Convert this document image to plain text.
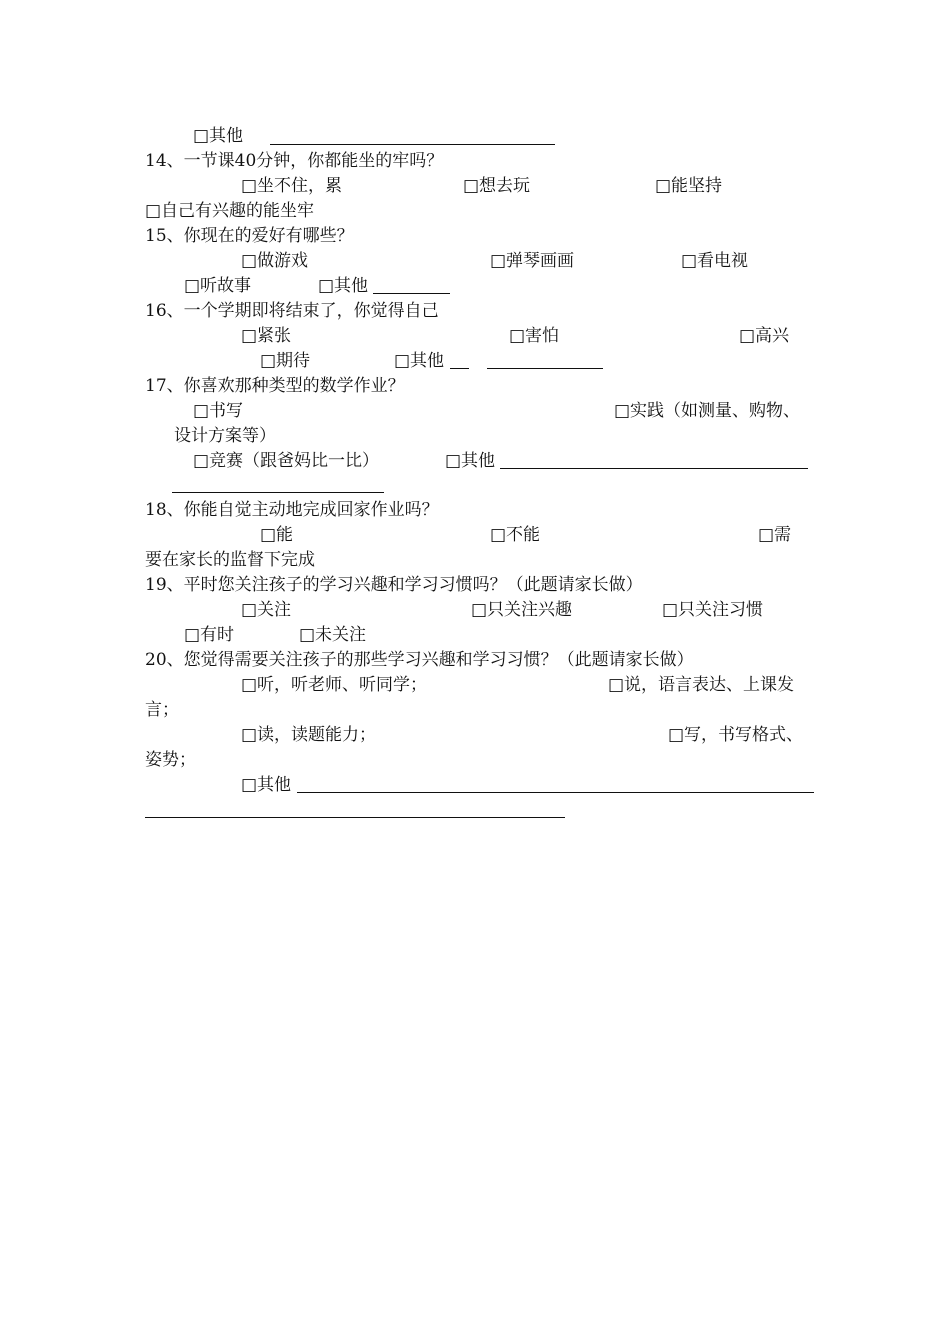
□其他
14、一节课40分钟，你都能坐的牢吗？
□坐不住，累	□想去玩	□能坚持
□自己有兴趣的能坐牢
15、你现在的爱好有哪些？
□做游戏	□弹琴画画	□看电视
□听故事	□其他
16、一个学期即将结束了，你觉得自己
□紧张	□害怕	□高兴
□期待	□其他
17、你喜欢那种类型的数学作业？
□书写	□实践（如测量、购物、
设计方案等）
□竞赛（跟爸妈比一比）	□其他
18、你能自觉主动地完成回家作业吗？
□能	□不能	□需
要在家长的监督下完成
19、平时您关注孩子的学习兴趣和学习习惯吗？（此题请家长做）
□关注	□只关注兴趣	□只关注习惯
□有时	□未关注
20、您觉得需要关注孩子的那些学习兴趣和学习习惯？（此题请家长做）
□听，听老师、听同学；	□说，语言表达、上课发
言；
□读，读题能力；	□写，书写格式、
姿势；
□其他
